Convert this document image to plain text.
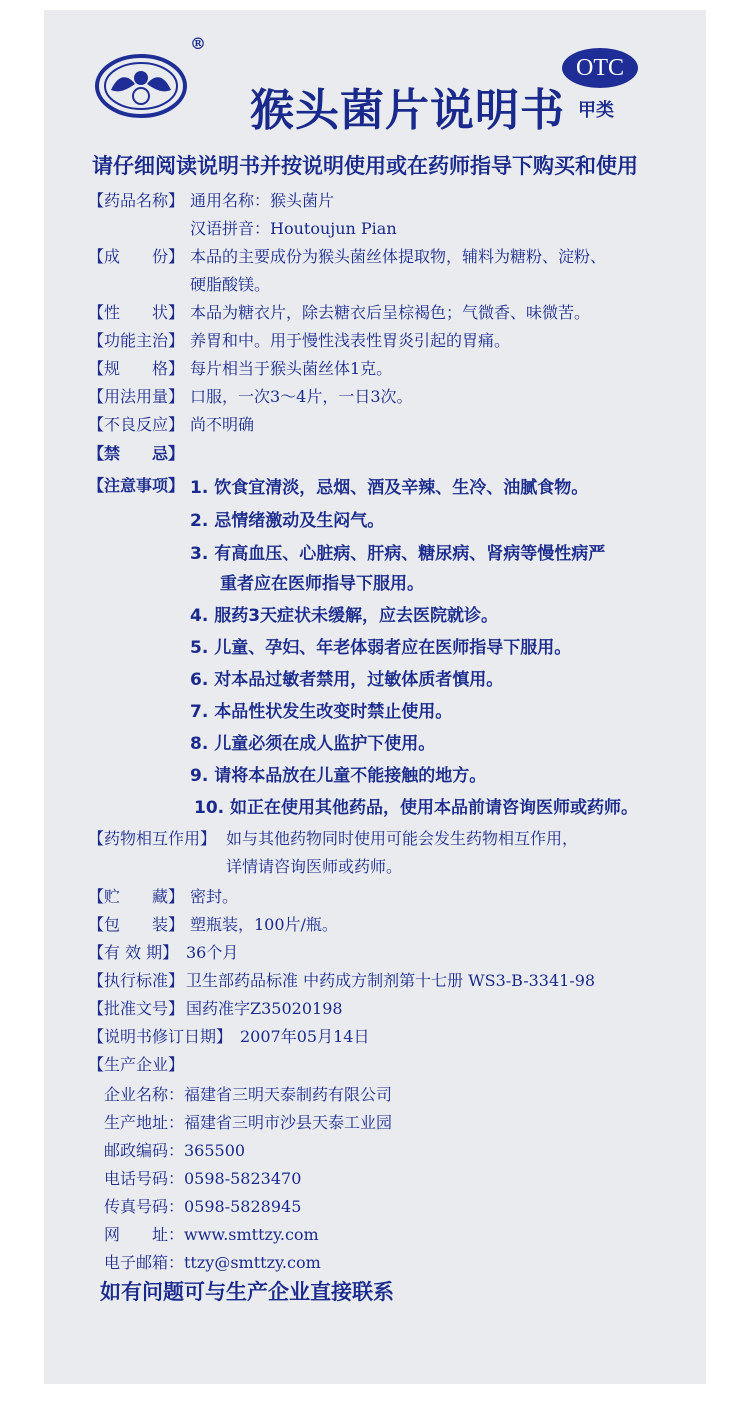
®
猴头菌片说明书
OTC
甲类
请仔细阅读说明书并按说明使用或在药师指导下购买和使用
【药品名称】 通用名称：猴头菌片
汉语拼音：Houtoujun Pian
【成　　份】 本品的主要成份为猴头菌丝体提取物，辅料为糖粉、淀粉、
硬脂酸镁。
【性　　状】 本品为糖衣片，除去糖衣后呈棕褐色；气微香、味微苦。
【功能主治】 养胃和中。用于慢性浅表性胃炎引起的胃痛。
【规　　格】 每片相当于猴头菌丝体1克。
【用法用量】 口服，一次3～4片，一日3次。
【不良反应】 尚不明确
【禁　　忌】
【注意事项】 1. 饮食宜清淡，忌烟、酒及辛辣、生冷、油腻食物。
2. 忌情绪激动及生闷气。
3. 有高血压、心脏病、肝病、糖尿病、肾病等慢性病严
重者应在医师指导下服用。
4. 服药3天症状未缓解，应去医院就诊。
5. 儿童、孕妇、年老体弱者应在医师指导下服用。
6. 对本品过敏者禁用，过敏体质者慎用。
7. 本品性状发生改变时禁止使用。
8. 儿童必须在成人监护下使用。
9. 请将本品放在儿童不能接触的地方。
10. 如正在使用其他药品，使用本品前请咨询医师或药师。
【药物相互作用】 如与其他药物同时使用可能会发生药物相互作用，
详情请咨询医师或药师。
【贮　　藏】 密封。
【包　　装】 塑瓶装，100片/瓶。
【有 效 期】 36个月
【执行标准】 卫生部药品标准 中药成方制剂第十七册 WS3-B-3341-98
【批准文号】 国药准字Z35020198
【说明书修订日期】 2007年05月14日
【生产企业】
企业名称：福建省三明天泰制药有限公司
生产地址：福建省三明市沙县天泰工业园
邮政编码：365500
电话号码：0598-5823470
传真号码：0598-5828945
网　　址：www.smttzy.com
电子邮箱：ttzy@smttzy.com
如有问题可与生产企业直接联系
